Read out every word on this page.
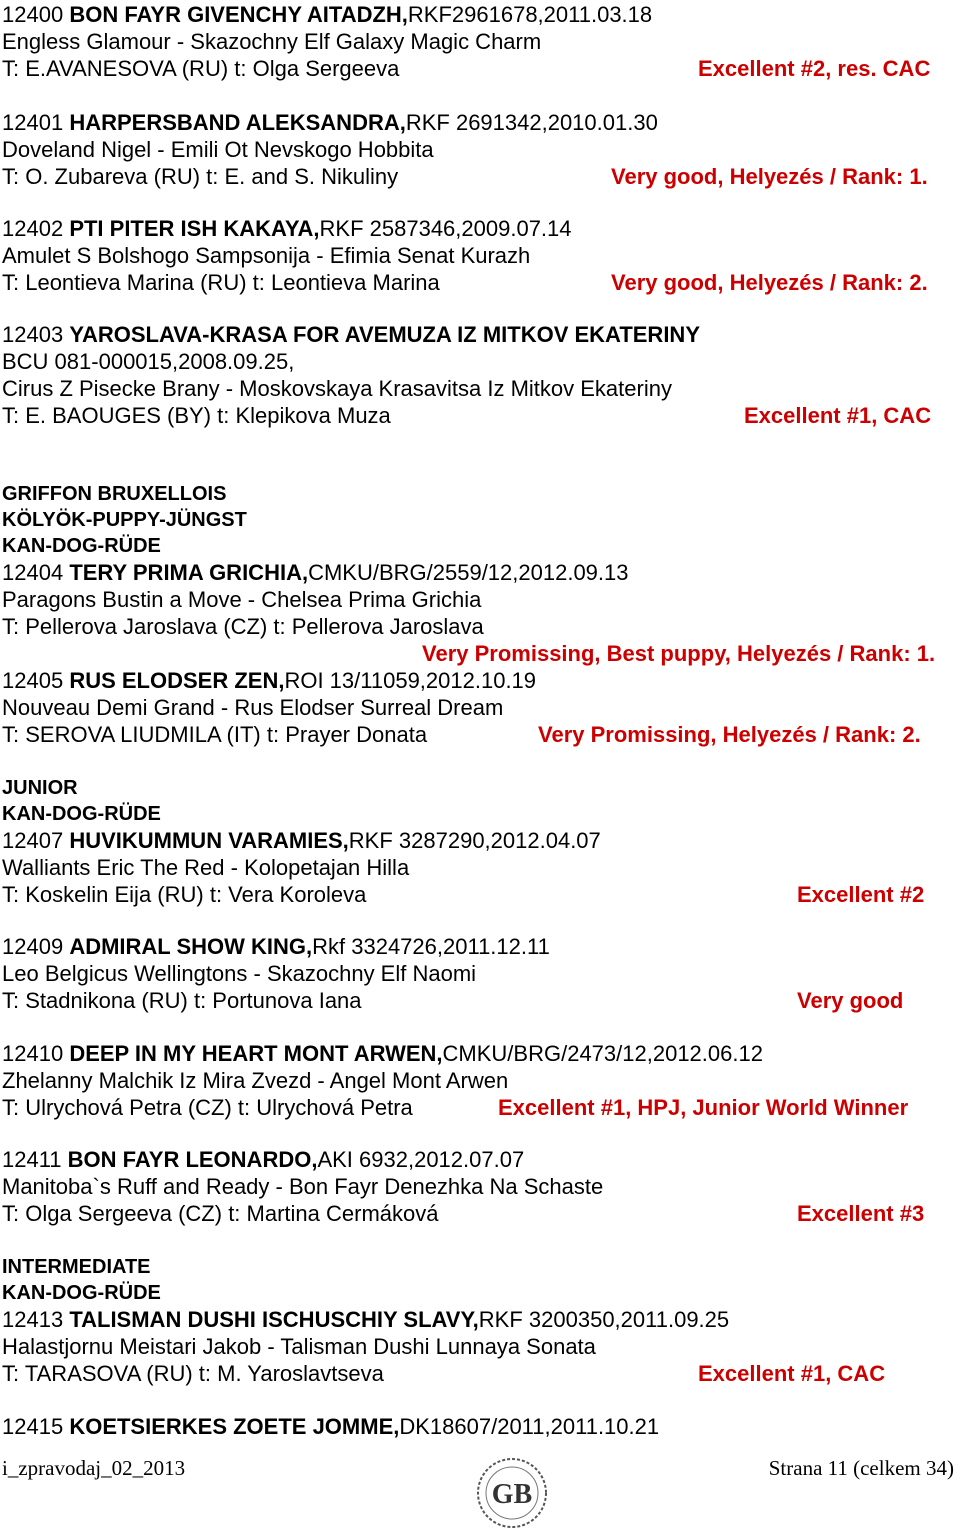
12400 BON FAYR GIVENCHY AITADZH,RKF2961678,2011.03.18
Engless Glamour - Skazochny Elf Galaxy Magic Charm
T: E.AVANESOVA (RU) t: Olga Sergeeva	Excellent #2, res. CAC
12401 HARPERSBAND ALEKSANDRA,RKF 2691342,2010.01.30
Doveland Nigel - Emili Ot Nevskogo Hobbita
T: O. Zubareva (RU) t: E. and S. Nikuliny	Very good, Helyezés / Rank: 1.
12402 PTI PITER ISH KAKAYA,RKF 2587346,2009.07.14
Amulet S Bolshogo Sampsonija - Efimia Senat Kurazh
T: Leontieva Marina (RU) t: Leontieva Marina	Very good, Helyezés / Rank: 2.
12403 YAROSLAVA-KRASA FOR AVEMUZA IZ MITKOV EKATERINY
BCU 081-000015,2008.09.25,
Cirus Z Pisecke Brany - Moskovskaya Krasavitsa Iz Mitkov Ekateriny
T: E. BAOUGES (BY) t: Klepikova Muza	Excellent #1, CAC
GRIFFON BRUXELLOIS
KÖLYÖK-PUPPY-JÜNGST
KAN-DOG-RÜDE
12404 TERY PRIMA GRICHIA,CMKU/BRG/2559/12,2012.09.13
Paragons Bustin a Move - Chelsea Prima Grichia
T: Pellerova Jaroslava (CZ) t: Pellerova Jaroslava
Very Promissing, Best puppy, Helyezés / Rank: 1.
12405 RUS ELODSER ZEN,ROI 13/11059,2012.10.19
Nouveau Demi Grand - Rus Elodser Surreal Dream
T: SEROVA LIUDMILA (IT) t: Prayer Donata	Very Promissing, Helyezés / Rank: 2.
JUNIOR
KAN-DOG-RÜDE
12407 HUVIKUMMUN VARAMIES,RKF 3287290,2012.04.07
Walliants Eric The Red - Kolopetajan Hilla
T: Koskelin Eija (RU) t: Vera Koroleva	Excellent #2
12409 ADMIRAL SHOW KING,Rkf 3324726,2011.12.11
Leo Belgicus Wellingtons - Skazochny Elf Naomi
T: Stadnikona (RU) t: Portunova Iana	Very good
12410 DEEP IN MY HEART MONT ARWEN,CMKU/BRG/2473/12,2012.06.12
Zhelanny Malchik Iz Mira Zvezd - Angel Mont Arwen
T: Ulrychová Petra (CZ) t: Ulrychová Petra	Excellent #1, HPJ, Junior World Winner
12411 BON FAYR LEONARDO,AKI 6932,2012.07.07
Manitoba`s Ruff and Ready - Bon Fayr Denezhka Na Schaste
T: Olga Sergeeva (CZ) t: Martina Cermáková	Excellent #3
INTERMEDIATE
KAN-DOG-RÜDE
12413 TALISMAN DUSHI ISCHUSCHIY SLAVY,RKF 3200350,2011.09.25
Halastjornu Meistari Jakob - Talisman Dushi Lunnaya Sonata
T: TARASOVA (RU) t: M. Yaroslavtseva	Excellent #1, CAC
12415 KOETSIERKES ZOETE JOMME,DK18607/2011,2011.10.21
i_zpravodaj_02_2013	Strana 11 (celkem 34)
GB
